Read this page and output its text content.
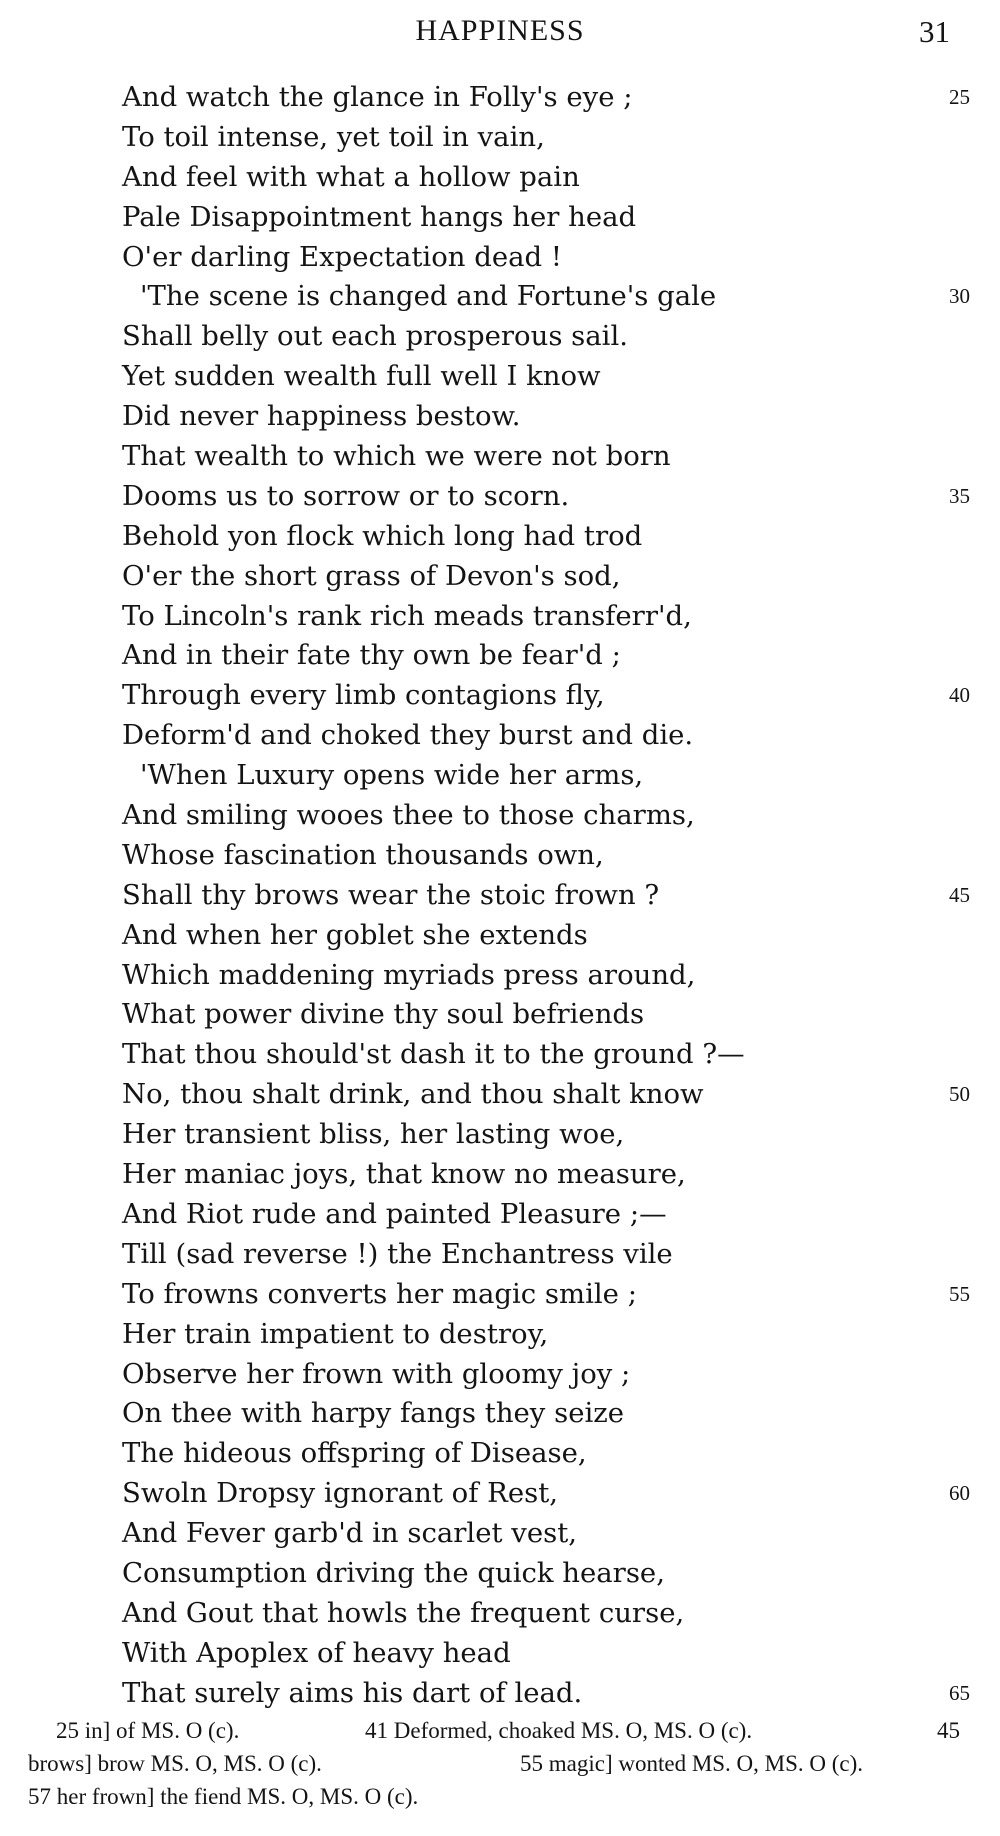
HAPPINESS	31
And watch the glance in Folly's eye ;	25
To toil intense, yet toil in vain,
And feel with what a hollow pain
Pale Disappointment hangs her head
O'er darling Expectation dead !
'The scene is changed and Fortune's gale	30
Shall belly out each prosperous sail.
Yet sudden wealth full well I know
Did never happiness bestow.
That wealth to which we were not born
Dooms us to sorrow or to scorn.	35
Behold yon flock which long had trod
O'er the short grass of Devon's sod,
To Lincoln's rank rich meads transferr'd,
And in their fate thy own be fear'd ;
Through every limb contagions fly,	40
Deform'd and choked they burst and die.
'When Luxury opens wide her arms,
And smiling wooes thee to those charms,
Whose fascination thousands own,
Shall thy brows wear the stoic frown ?	45
And when her goblet she extends
Which maddening myriads press around,
What power divine thy soul befriends
That thou should'st dash it to the ground ?—
No, thou shalt drink, and thou shalt know	50
Her transient bliss, her lasting woe,
Her maniac joys, that know no measure,
And Riot rude and painted Pleasure ;—
Till (sad reverse !) the Enchantress vile
To frowns converts her magic smile ;	55
Her train impatient to destroy,
Observe her frown with gloomy joy ;
On thee with harpy fangs they seize
The hideous offspring of Disease,
Swoln Dropsy ignorant of Rest,	60
And Fever garb'd in scarlet vest,
Consumption driving the quick hearse,
And Gout that howls the frequent curse,
With Apoplex of heavy head
That surely aims his dart of lead.	65
25 in] of MS. O (c).	41 Deformed, choaked MS. O, MS. O (c).	45
brows] brow MS. O, MS. O (c).	55 magic] wonted MS. O, MS. O (c).
57 her frown] the fiend MS. O, MS. O (c).
